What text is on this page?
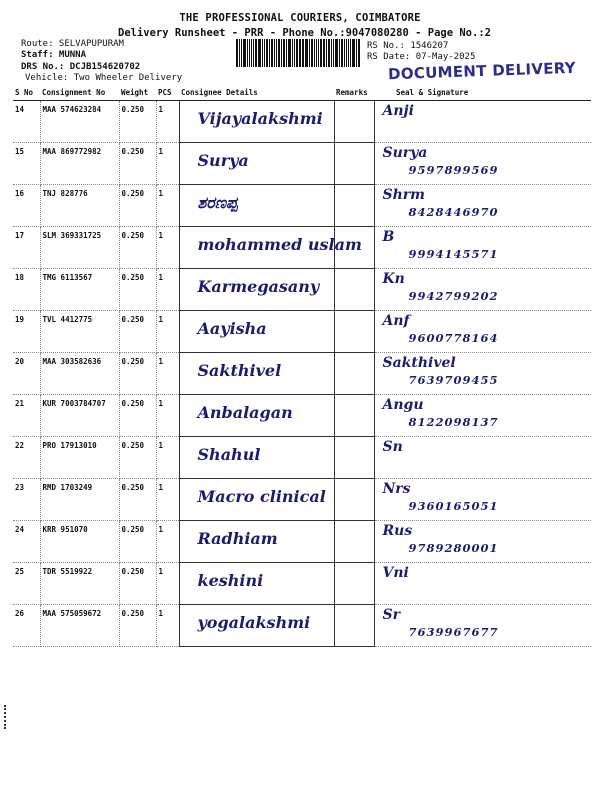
THE PROFESSIONAL COURIERS, COIMBATORE
Delivery Runsheet - PRR - Phone No.:9047080280 - Page No.:2
Route: SELVAPUPURAM
Staff: MUNNA
DRS No.: DCJB154620702
Vehicle: Two Wheeler Delivery
RS No.: 1546207
RS Date: 07-May-2025
DOCUMENT DELIVERY
S No	Consignment No	Weight	PCS	Consignee Details	Remarks	Seal & Signature
14	MAA 574623284	0.250	1	Vijayalakshmi		Anji

15	MAA 869772982	0.250	1	Surya		Surya
9597899569

16	TNJ 828776	0.250	1	ಶರಣಪ್ಪ		Shrm
8428446970

17	SLM 369331725	0.250	1	mohammed uslam		B
9994145571

18	TMG 6113567	0.250	1	Karmegasany		Kn
9942799202

19	TVL 4412775	0.250	1	Aayisha		Anf
9600778164

20	MAA 303582636	0.250	1	Sakthivel		Sakthivel
7639709455

21	KUR 7003784707	0.250	1	Anbalagan		Angu
8122098137

22	PRO 17913010	0.250	1	Shahul		Sn

23	RMD 1703249	0.250	1	Macro clinical		Nrs
9360165051

24	KRR 951070	0.250	1	Radhiam		Rus
9789280001

25	TDR 5519922	0.250	1	keshini		Vni

26	MAA 575059672	0.250	1	yogalakshmi		Sr
7639967677
